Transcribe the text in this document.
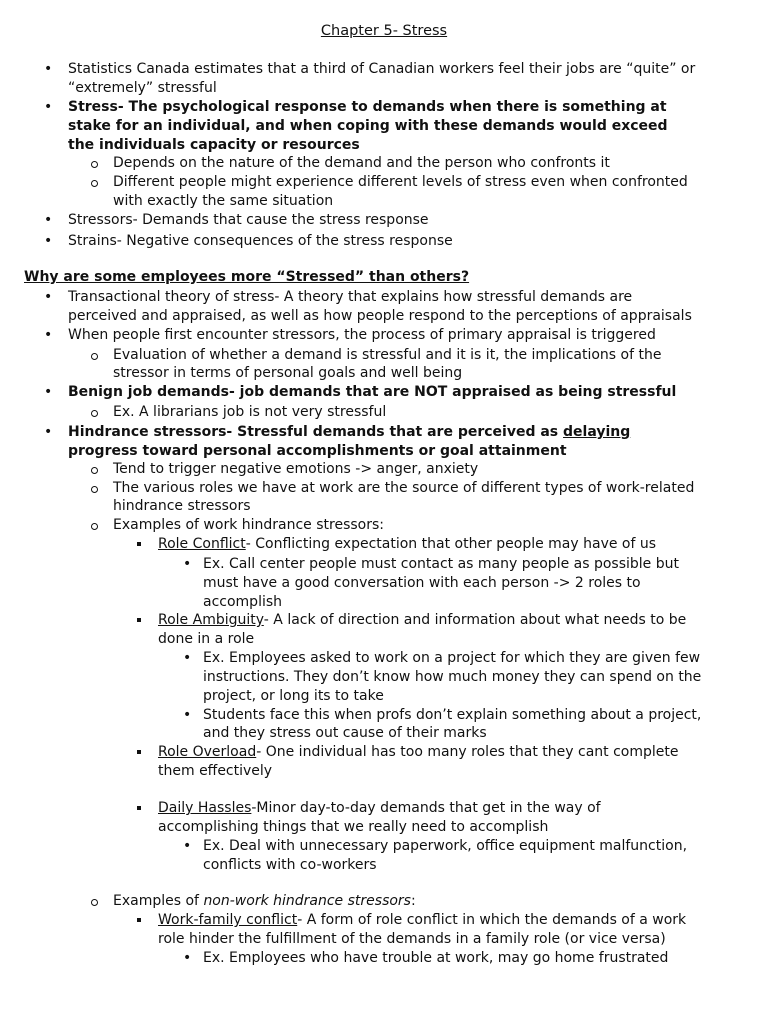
Chapter 5- Stress
• Statistics Canada estimates that a third of Canadian workers feel their jobs are “quite” or
“extremely” stressful
• Stress- The psychological response to demands when there is something at
stake for an individual, and when coping with these demands would exceed
the individuals capacity or resources
Depends on the nature of the demand and the person who confronts it
Different people might experience different levels of stress even when confronted
with exactly the same situation
• Stressors- Demands that cause the stress response
• Strains- Negative consequences of the stress response
Why are some employees more “Stressed” than others?
• Transactional theory of stress- A theory that explains how stressful demands are
perceived and appraised, as well as how people respond to the perceptions of appraisals
• When people first encounter stressors, the process of primary appraisal is triggered
Evaluation of whether a demand is stressful and it is it, the implications of the
stressor in terms of personal goals and well being
• Benign job demands- job demands that are NOT appraised as being stressful
Ex. A librarians job is not very stressful
• Hindrance stressors- Stressful demands that are perceived as delaying
progress toward personal accomplishments or goal attainment
Tend to trigger negative emotions -> anger, anxiety
The various roles we have at work are the source of different types of work-related
hindrance stressors
Examples of work hindrance stressors:
Role Conflict- Conflicting expectation that other people may have of us
• Ex. Call center people must contact as many people as possible but
must have a good conversation with each person -> 2 roles to
accomplish
Role Ambiguity- A lack of direction and information about what needs to be
done in a role
• Ex. Employees asked to work on a project for which they are given few
instructions. They don’t know how much money they can spend on the
project, or long its to take
• Students face this when profs don’t explain something about a project,
and they stress out cause of their marks
Role Overload- One individual has too many roles that they cant complete
them effectively
Daily Hassles-Minor day-to-day demands that get in the way of
accomplishing things that we really need to accomplish
• Ex. Deal with unnecessary paperwork, office equipment malfunction,
conflicts with co-workers
Examples of non-work hindrance stressors:
Work-family conflict- A form of role conflict in which the demands of a work
role hinder the fulfillment of the demands in a family role (or vice versa)
• Ex. Employees who have trouble at work, may go home frustrated
